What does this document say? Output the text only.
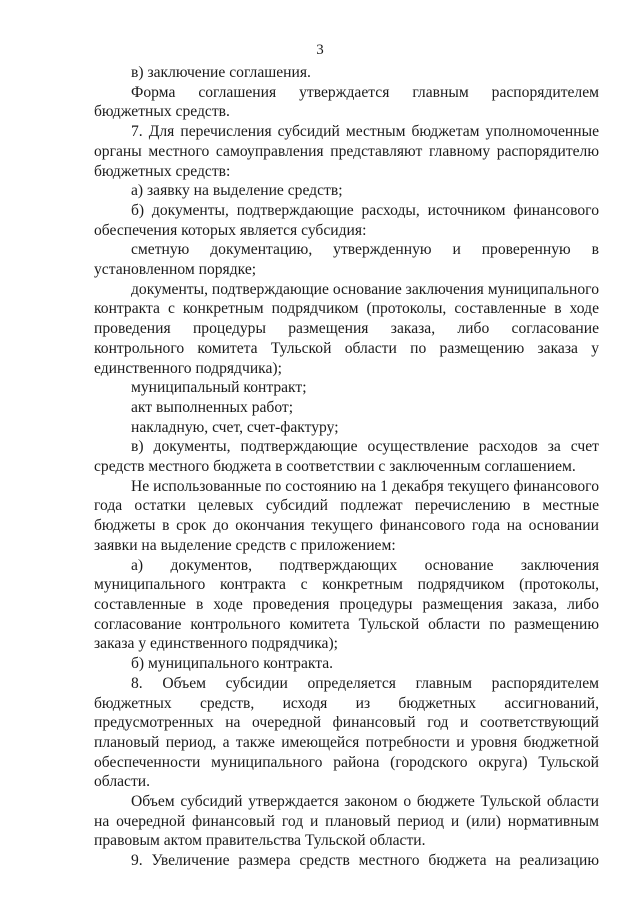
3

в) заключение соглашения.

Форма соглашения утверждается главным распорядителем бюджетных средств.

7. Для перечисления субсидий местным бюджетам уполномоченные органы местного самоуправления представляют главному распорядителю бюджетных средств:

а) заявку на выделение средств;

б) документы, подтверждающие расходы, источником финансового обеспечения которых является субсидия:

сметную документацию, утвержденную и проверенную в установленном порядке;

документы, подтверждающие основание заключения муниципального контракта с конкретным подрядчиком (протоколы, составленные в ходе проведения процедуры размещения заказа, либо согласование контрольного комитета Тульской области по размещению заказа у единственного подрядчика);

муниципальный контракт;

акт выполненных работ;

накладную, счет, счет-фактуру;

в) документы, подтверждающие осуществление расходов за счет средств местного бюджета в соответствии с заключенным соглашением.

Не использованные по состоянию на 1 декабря текущего финансового года остатки целевых субсидий подлежат перечислению в местные бюджеты в срок до окончания текущего финансового года на основании заявки на выделение средств с приложением:

а) документов, подтверждающих основание заключения муниципального контракта с конкретным подрядчиком (протоколы, составленные в ходе проведения процедуры размещения заказа, либо согласование контрольного комитета Тульской области по размещению заказа у единственного подрядчика);

б) муниципального контракта.

8. Объем субсидии определяется главным распорядителем бюджетных средств, исходя из бюджетных ассигнований, предусмотренных на очередной финансовый год и соответствующий плановый период, а также имеющейся потребности и уровня бюджетной обеспеченности муниципального района (городского округа) Тульской области.

Объем субсидий утверждается законом о бюджете Тульской области на очередной финансовый год и плановый период и (или) нормативным правовым актом правительства Тульской области.

9. Увеличение размера средств местного бюджета на реализацию
